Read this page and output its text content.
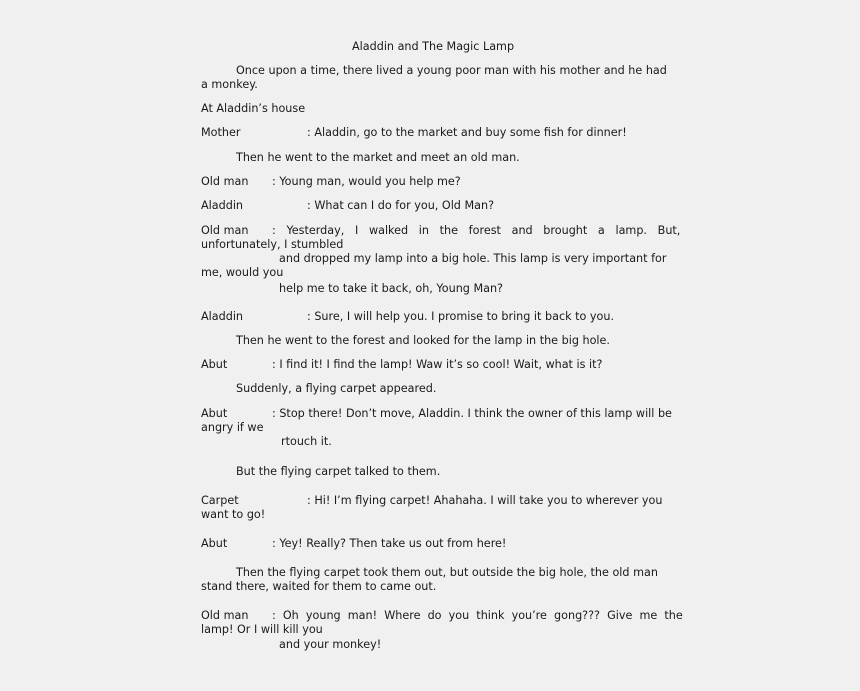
Aladdin and The Magic Lamp
Once upon a time, there lived a young poor man with his mother and he had
a monkey.
At Aladdin’s house
Mother	: Aladdin, go to the market and buy some fish for dinner!
Then he went to the market and meet an old man.
Old man : Young man, would you help me?
Aladdin	: What can I do for you, Old Man?
Old man :   Yesterday,   I   walked   in   the   forest   and   brought   a   lamp.   But,
unfortunately, I stumbled
and dropped my lamp into a big hole. This lamp is very important for
me, would you
help me to take it back, oh, Young Man?
Aladdin	: Sure, I will help you. I promise to bring it back to you.
Then he went to the forest and looked for the lamp in the big hole.
Abut	: I find it! I find the lamp! Waw it’s so cool! Wait, what is it?
Suddenly, a flying carpet appeared.
Abut	: Stop there! Don’t move, Aladdin. I think the owner of this lamp will be
angry if we
rtouch it.
But the flying carpet talked to them.
Carpet	: Hi! I’m flying carpet! Ahahaha. I will take you to wherever you
want to go!
Abut	: Yey! Really? Then take us out from here!
Then the flying carpet took them out, but outside the big hole, the old man
stand there, waited for them to came out.
Old man :  Oh  young  man!  Where  do  you  think  you’re  gong???  Give  me  the
lamp! Or I will kill you
and your monkey!
